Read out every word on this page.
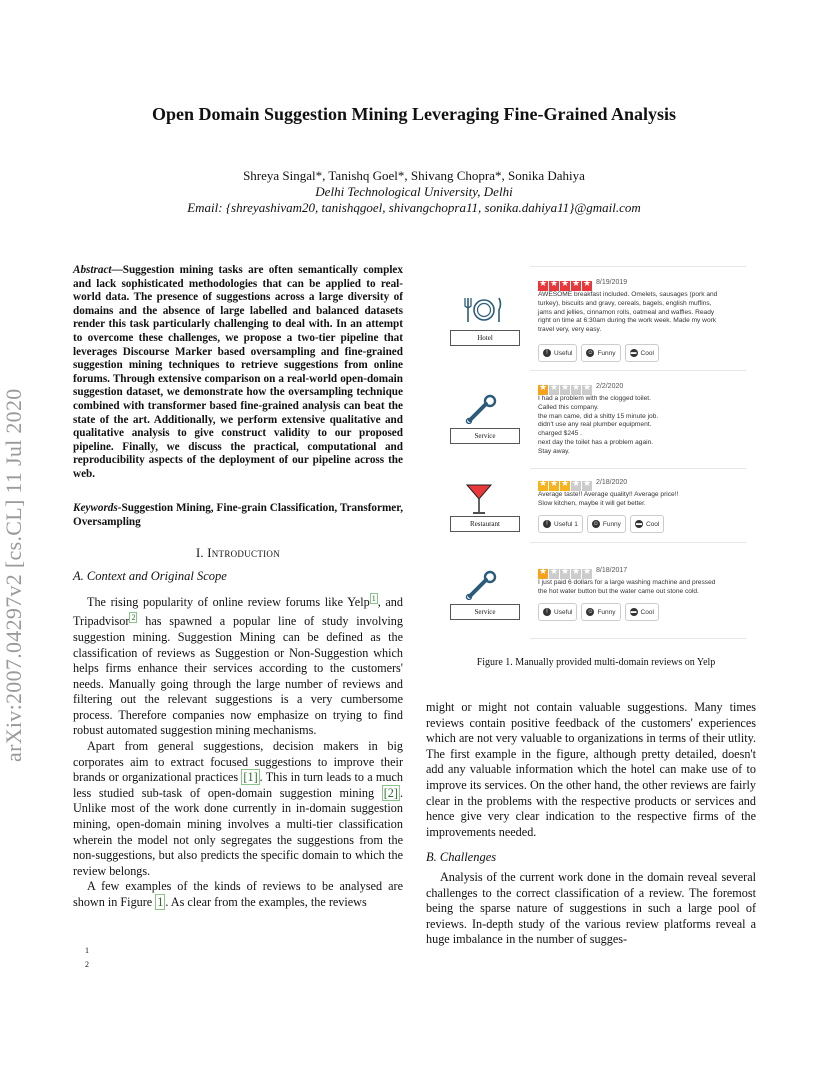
Open Domain Suggestion Mining Leveraging Fine-Grained Analysis
Shreya Singal*, Tanishq Goel*, Shivang Chopra*, Sonika Dahiya
Delhi Technological University, Delhi
Email: {shreyashivam20, tanishqgoel, shivangchopra11, sonika.dahiya11}@gmail.com
arXiv:2007.04297v2 [cs.CL] 11 Jul 2020
Abstract—Suggestion mining tasks are often semantically complex and lack sophisticated methodologies that can be applied to real-world data. The presence of suggestions across a large diversity of domains and the absence of large labelled and balanced datasets render this task particularly challenging to deal with. In an attempt to overcome these challenges, we propose a two-tier pipeline that leverages Discourse Marker based oversampling and fine-grained suggestion mining techniques to retrieve suggestions from online forums. Through extensive comparison on a real-world open-domain suggestion dataset, we demonstrate how the oversampling technique combined with transformer based fine-grained analysis can beat the state of the art. Additionally, we perform extensive qualitative and qualitative analysis to give construct validity to our proposed pipeline. Finally, we discuss the practical, computational and reproducibility aspects of the deployment of our pipeline across the web.
Keywords-Suggestion Mining, Fine-grain Classification, Transformer, Oversampling
I. Introduction
A. Context and Original Scope

The rising popularity of online review forums like Yelp $^1$ , and Tripadvisor $^2$ has spawned a popular line of study involving suggestion mining. Suggestion Mining can be defined as the classification of reviews as Suggestion or Non-Suggestion which helps firms enhance their services according to the customers' needs. Manually going through the large number of reviews and filtering out the relevant suggestions is a very cumbersome process. Therefore companies now emphasize on trying to find robust automated suggestion mining mechanisms.

Apart from general suggestions, decision makers in big corporates aim to extract focused suggestions to improve their brands or organizational practices [1] . This in turn leads to a much less studied sub-task of open-domain suggestion mining [2] . Unlike most of the work done currently in in-domain suggestion mining, open-domain mining involves a multi-tier classification wherein the model not only segregates the suggestions from the non-suggestions, but also predicts the specific domain to which the review belongs.

A few examples of the kinds of reviews to be analysed are shown in Figure 1 . As clear from the examples, the reviews

1
2
Hotel
★★★★★
8/19/2019
AWESOME breakfast included. Omelets, sausages (pork and
turkey), biscuits and gravy, cereals, bagels, english muffins,
jams and jellies, cinnamon rolls, oatmeal and waffles. Ready
right on time at 6:30am during the work week. Made my work
travel very, very easy.
! Useful ☺ Funny	▬ Cool
Service
★★★★★
2/2/2020
I had a problem with the clogged toilet.
Called this company.
the man came, did a shitty 15 minute job.
didn't use any real plumber equipment.
charged $245 .
next day the toilet has a problem again.
Stay away.
Restaurant
★★★★★
2/18/2020
Average taste!! Average quality!! Average price!!
Slow kitchen, maybe it will get better.
! Useful 1 ☺ Funny	▬ Cool
Service
★★★★★
8/18/2017
I just paid 6 dollars for a large washing machine and pressed
the hot water button but the water came out stone cold.
! Useful ☺ Funny	▬ Cool
Figure 1. Manually provided multi-domain reviews on Yelp

might or might not contain valuable suggestions. Many times reviews contain positive feedback of the customers' experiences which are not very valuable to organizations in terms of their utlity. The first example in the figure, although pretty detailed, doesn't add any valuable information which the hotel can make use of to improve its services. On the other hand, the other reviews are fairly clear in the problems with the respective products or services and hence give very clear indication to the respective firms of the improvements needed.

B. Challenges

Analysis of the current work done in the domain reveal several challenges to the correct classification of a review. The foremost being the sparse nature of suggestions in such a large pool of reviews. In-depth study of the various review platforms reveal a huge imbalance in the number of sugges-
